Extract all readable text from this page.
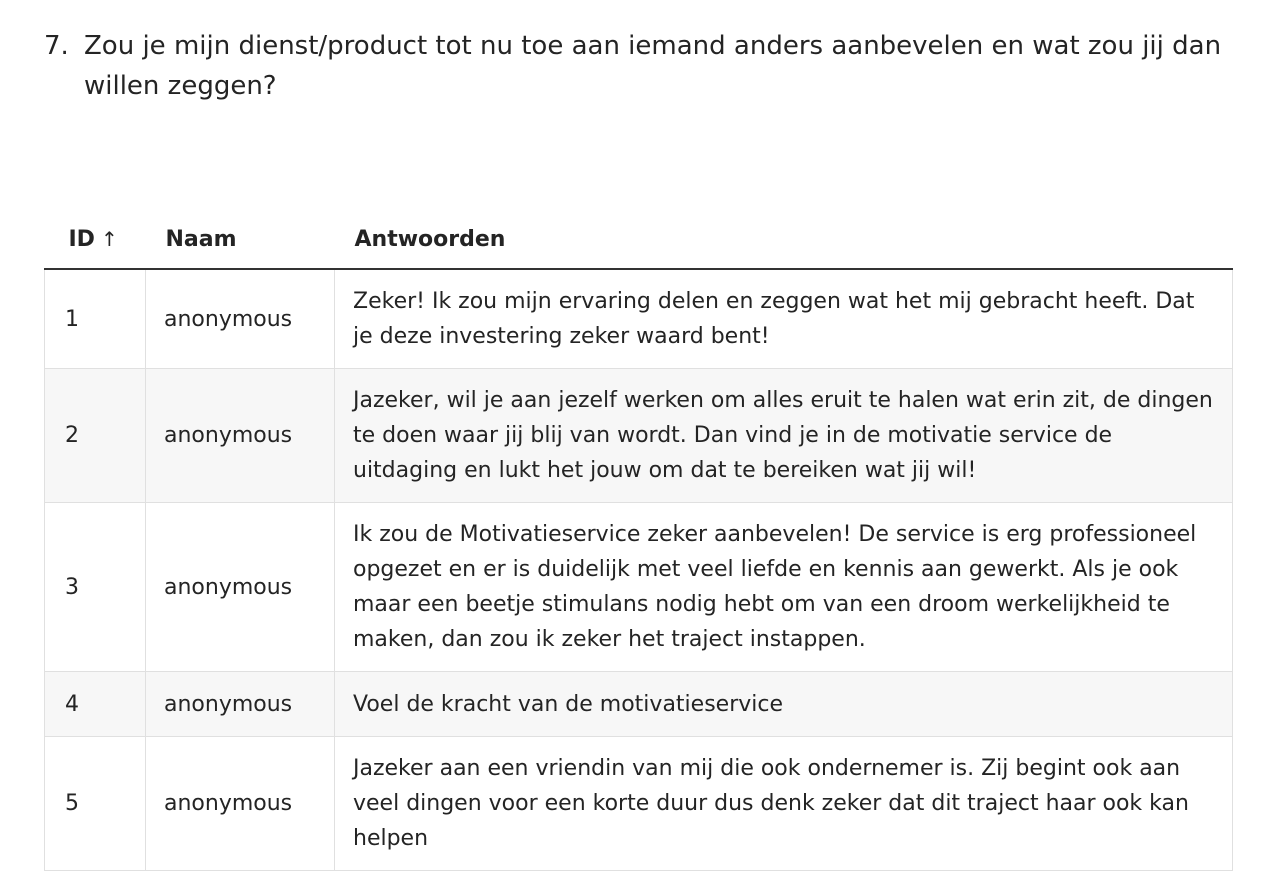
7. Zou je mijn dienst/product tot nu toe aan iemand anders aanbevelen en wat zou jij dan willen zeggen?
ID ↑	Naam	Antwoorden
1	anonymous	Zeker! Ik zou mijn ervaring delen en zeggen wat het mij gebracht heeft. Dat je deze investering zeker waard bent!
2	anonymous	Jazeker, wil je aan jezelf werken om alles eruit te halen wat erin zit, de dingen te doen waar jij blij van wordt. Dan vind je in de motivatie service de uitdaging en lukt het jouw om dat te bereiken wat jij wil!
3	anonymous	Ik zou de Motivatieservice zeker aanbevelen! De service is erg professioneel opgezet en er is duidelijk met veel liefde en kennis aan gewerkt. Als je ook maar een beetje stimulans nodig hebt om van een droom werkelijkheid te maken, dan zou ik zeker het traject instappen.
4	anonymous	Voel de kracht van de motivatieservice
5	anonymous	Jazeker aan een vriendin van mij die ook ondernemer is. Zij begint ook aan veel dingen voor een korte duur dus denk zeker dat dit traject haar ook kan helpen
